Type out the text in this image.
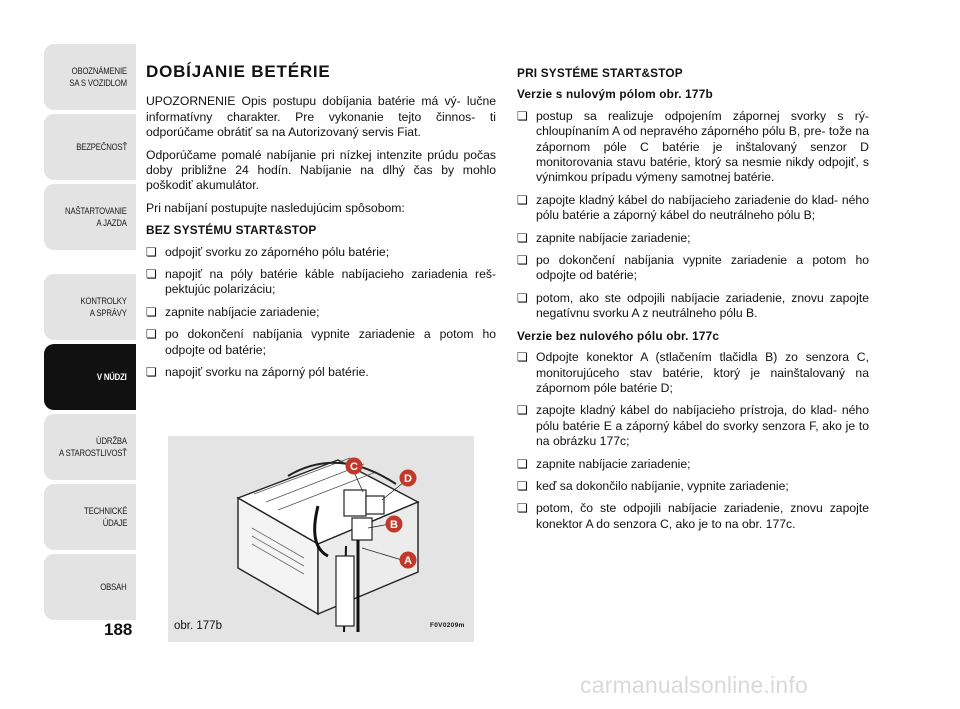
OBOZNÁMENIE
SA S VOZIDLOM
BEZPEČNOSŤ
NAŠTARTOVANIE
A JAZDA
KONTROLKY
A SPRÁVY
V NÚDZI
ÚDRŽBA
A STAROSTLIVOSŤ
TECHNICKÉ
ÚDAJE
OBSAH
188
DOBÍJANIE BETÉRIE

UPOZORNENIE Opis postupu dobíjania batérie má vý- lučne informatívny charakter. Pre vykonanie tejto činnos- ti odporúčame obrátiť sa na Autorizovaný servis Fiat.

Odporúčame pomalé nabíjanie pri nízkej intenzite prúdu počas doby približne 24 hodín. Nabíjanie na dlhý čas by mohlo poškodiť akumulátor.

Pri nabíjaní postupujte nasledujúcim spôsobom:

BEZ SYSTÉMU START&STOP
❏ odpojiť svorku zo záporného pólu batérie;
❏ napojiť na póly batérie káble nabíjacieho zariadenia reš- pektujúc polarizáciu;
❏ zapnite nabíjacie zariadenie;
❏ po dokončení nabíjania vypnite zariadenie a potom ho odpojte od batérie;
❏ napojiť svorku na záporný pól batérie.
C
D
B
A
obr. 177b	F0V0209m
PRI SYSTÉME START&STOP
Verzie s nulovým pólom obr. 177b
❏ postup sa realizuje odpojením zápornej svorky s rý- chloupínaním A od nepravého záporného pólu B, pre- tože na zápornom póle C batérie je inštalovaný senzor D monitorovania stavu batérie, ktorý sa nesmie nikdy odpojiť, s výnimkou prípadu výmeny samotnej batérie.
❏ zapojte kladný kábel do nabíjacieho zariadenie do klad- ného pólu batérie a záporný kábel do neutrálneho pólu B;
❏ zapnite nabíjacie zariadenie;
❏ po dokončení nabíjania vypnite zariadenie a potom ho odpojte od batérie;
❏ potom, ako ste odpojili nabíjacie zariadenie, znovu zapojte negatívnu svorku A z neutrálneho pólu B.
Verzie bez nulového pólu obr. 177c
❏ Odpojte konektor A (stlačením tlačidla B) zo senzora C, monitorujúceho stav batérie, ktorý je nainštalovaný na zápornom póle batérie D;
❏ zapojte kladný kábel do nabíjacieho prístroja, do klad- ného pólu batérie E a záporný kábel do svorky senzora F, ako je to na obrázku 177c;
❏ zapnite nabíjacie zariadenie;
❏ keď sa dokončilo nabíjanie, vypnite zariadenie;
❏ potom, čo ste odpojili nabíjacie zariadenie, znovu zapojte konektor A do senzora C, ako je to na obr. 177c.
carmanualsonline.info
